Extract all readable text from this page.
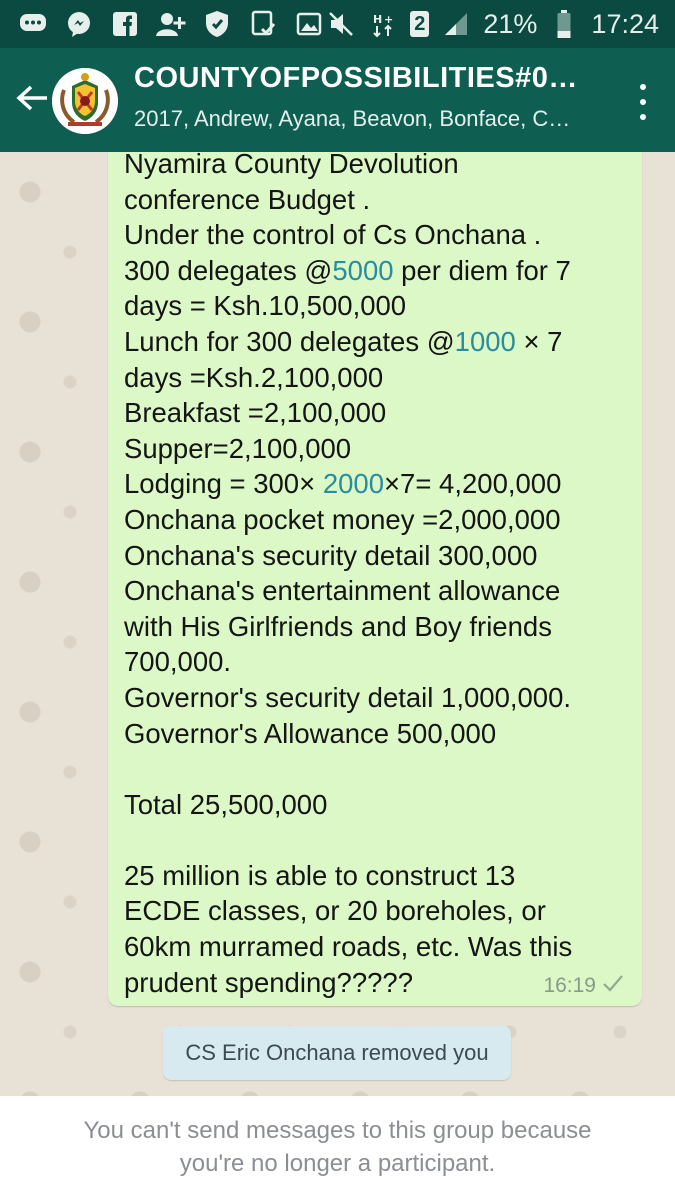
H + 2 21% 17:24
COUNTYOFPOSSIBILITIES#0…
2017, Andrew, Ayana, Beavon, Bonface, C…
Nyamira County Devolution
conference Budget .
Under the control of Cs Onchana .
300 delegates @5000 per diem for 7
days = Ksh.10,500,000
Lunch for 300 delegates @1000 × 7
days =Ksh.2,100,000
Breakfast =2,100,000
Supper=2,100,000
Lodging = 300× 2000×7= 4,200,000
Onchana pocket money =2,000,000
Onchana's security detail 300,000
Onchana's entertainment allowance
with His Girlfriends and Boy friends
700,000.
Governor's security detail 1,000,000.
Governor's Allowance 500,000
Total 25,500,000
25 million is able to construct 13
ECDE classes, or 20 boreholes, or
60km murramed roads, etc. Was this
prudent spending?????	16:19
CS Eric Onchana removed you
You can't send messages to this group because
you're no longer a participant.
